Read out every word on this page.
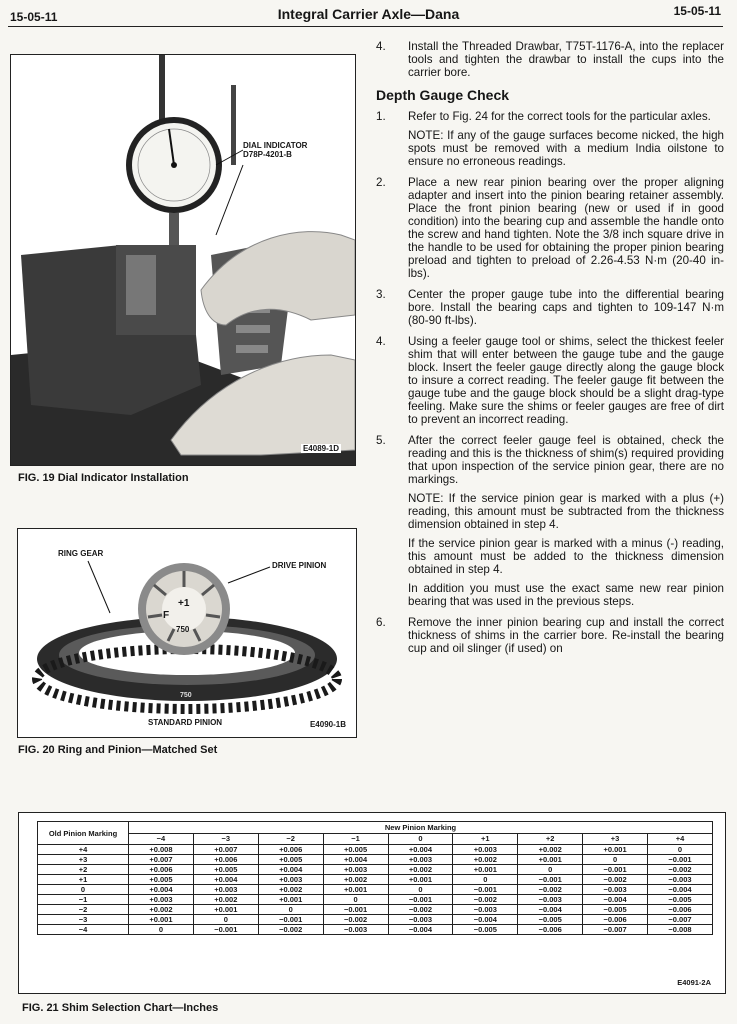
15-05-11	Integral Carrier Axle—Dana	15-05-11
DIAL INDICATOR
D78P-4201-B
E4089-1D
FIG. 19 Dial Indicator Installation
RING GEAR
DRIVE PINION
+1
F
750
750
STANDARD PINION	E4090-1B
FIG. 20 Ring and Pinion—Matched Set
4. Install the Threaded Drawbar, T75T-1176-A, into the replacer tools and tighten the drawbar to install the cups into the carrier bore.
Depth Gauge Check
1. Refer to Fig. 24 for the correct tools for the particular axles.
NOTE: If any of the gauge surfaces become nicked, the high spots must be removed with a medium India oilstone to ensure no erroneous readings.
2. Place a new rear pinion bearing over the proper aligning adapter and insert into the pinion bearing retainer assembly. Place the front pinion bearing (new or used if in good condition) into the bearing cup and assemble the handle onto the screw and hand tighten. Note the 3/8 inch square drive in the handle to be used for obtaining the proper pinion bearing preload and tighten to preload of 2.26-4.53 N·m (20-40 in-lbs).
3. Center the proper gauge tube into the differential bearing bore. Install the bearing caps and tighten to 109-147 N·m (80-90 ft-lbs).
4. Using a feeler gauge tool or shims, select the thickest feeler shim that will enter between the gauge tube and the gauge block. Insert the feeler gauge directly along the gauge block to insure a correct reading. The feeler gauge fit between the gauge tube and the gauge block should be a slight drag-type feeling. Make sure the shims or feeler gauges are free of dirt to prevent an incorrect reading.
5. After the correct feeler gauge feel is obtained, check the reading and this is the thickness of shim(s) required providing that upon inspection of the service pinion gear, there are no markings.
NOTE: If the service pinion gear is marked with a plus (+) reading, this amount must be subtracted from the thickness dimension obtained in step 4.
If the service pinion gear is marked with a minus (-) reading, this amount must be added to the thickness dimension obtained in step 4.
In addition you must use the exact same new rear pinion bearing that was used in the previous steps.
6. Remove the inner pinion bearing cup and install the correct thickness of shims in the carrier bore. Re-install the bearing cup and oil slinger (if used) on
Old Pinion Marking	New Pinion Marking								
	−4	−3	−2	−1	0	+1	+2	+3	+4
+4	+0.008	+0.007	+0.006	+0.005	+0.004	+0.003	+0.002	+0.001	0
+3	+0.007	+0.006	+0.005	+0.004	+0.003	+0.002	+0.001	0	−0.001
+2	+0.006	+0.005	+0.004	+0.003	+0.002	+0.001	0	−0.001	−0.002
+1	+0.005	+0.004	+0.003	+0.002	+0.001	0	−0.001	−0.002	−0.003
0	+0.004	+0.003	+0.002	+0.001	0	−0.001	−0.002	−0.003	−0.004
−1	+0.003	+0.002	+0.001	0	−0.001	−0.002	−0.003	−0.004	−0.005
−2	+0.002	+0.001	0	−0.001	−0.002	−0.003	−0.004	−0.005	−0.006
−3	+0.001	0	−0.001	−0.002	−0.003	−0.004	−0.005	−0.006	−0.007
−4	0	−0.001	−0.002	−0.003	−0.004	−0.005	−0.006	−0.007	−0.008
E4091-2A
FIG. 21 Shim Selection Chart—Inches
